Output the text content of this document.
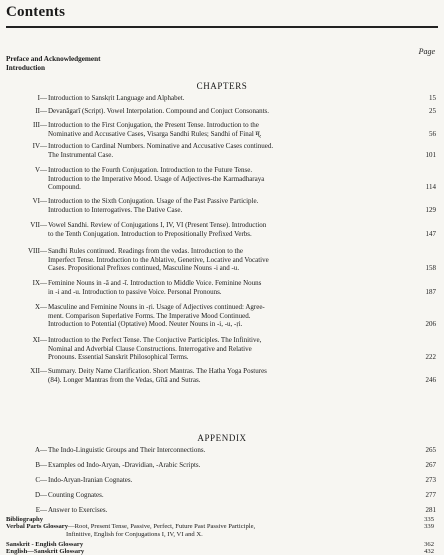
Contents
Page
Preface and Acknowledgement
Introduction
CHAPTERS
I— Introduction to Sanskṛit Language and Alphabet.	15
II— Devanāgarī (Script). Vowel Interpolation. Compound and Conjuct Consonants.	25
III— Introduction to the First Conjugation, the Present Tense. Introduction to the
Nominative and Accusative Cases, Visarga Sandhi Rules; Sandhi of Final म्.	56
IV— Introduction to Cardinal Numbers. Nominative and Accusative Cases continued.
The Instrumental Case.	101
V— Introduction to the Fourth Conjugation. Introduction to the Future Tense.
Introduction to the Imperative Mood. Usage of Adjectives-the Karmadharaya
Compound.	114
VI— Introduction to the Sixth Conjugation. Usage of the Past Passive Participle.
Introduction to Interrogatives. The Dative Case.	129
VII— Vowel Sandhi. Review of Conjugations I, IV, VI (Present Tense). Introduction
to the Tenth Conjugation. Introduction to Prepositionally Prefixed Verbs.	147
VIII— Sandhi Rules continued. Readings from the vedas. Introduction to the
Imperfect Tense. Introduction to the Ablative, Genetive, Locative and Vocative
Cases. Propositional Prefixes continued, Masculine Nouns -i and -u.	158
IX— Feminine Nouns in -ā and -ī. Introduction to Middle Voice. Feminine Nouns
in -i and -u. Introduction to passive Voice. Personal Pronouns.	187
X— Masculine and Feminine Nouns in -ṛi. Usage of Adjectives continued: Agree-
ment. Comparison Superlative Forms. The Imperative Mood Continued.
Introduction to Potential (Optative) Mood. Neuter Nouns in -i, -u, -ṛi.	206
XI— Introduction to the Perfect Tense. The Conjuctive Participles. The Infinitive,
Nominal and Adverbial Clause Constructions. Interrogative and Relative
Pronouns. Essential Sanskrit Philosophical Terms.	222
XII— Summary. Deity Name Clarification. Short Mantras. The Hatha Yoga Postures
(84). Longer Mantras from the Vedas, Gītā and Sutras.	246
APPENDIX
A— The Indo-Linguistic Groups and Their Interconnections.	265
B— Examples od Indo-Aryan, -Dravidian, -Arabic Scripts.	267
C— Indo-Aryan-Iranian Cognates.	273
D— Counting Cognates.	277
E— Answer to Exercises.	281
Bibliography	335
Verbal Parts Glossary—Root, Present Tense, Passive, Perfect, Future Past Passive Participle,	339
Infinitive, English for Conjugations I, IV, VI and X.
Sanskrit - English Glossary	362
English—Sanskrit Glossary	432
